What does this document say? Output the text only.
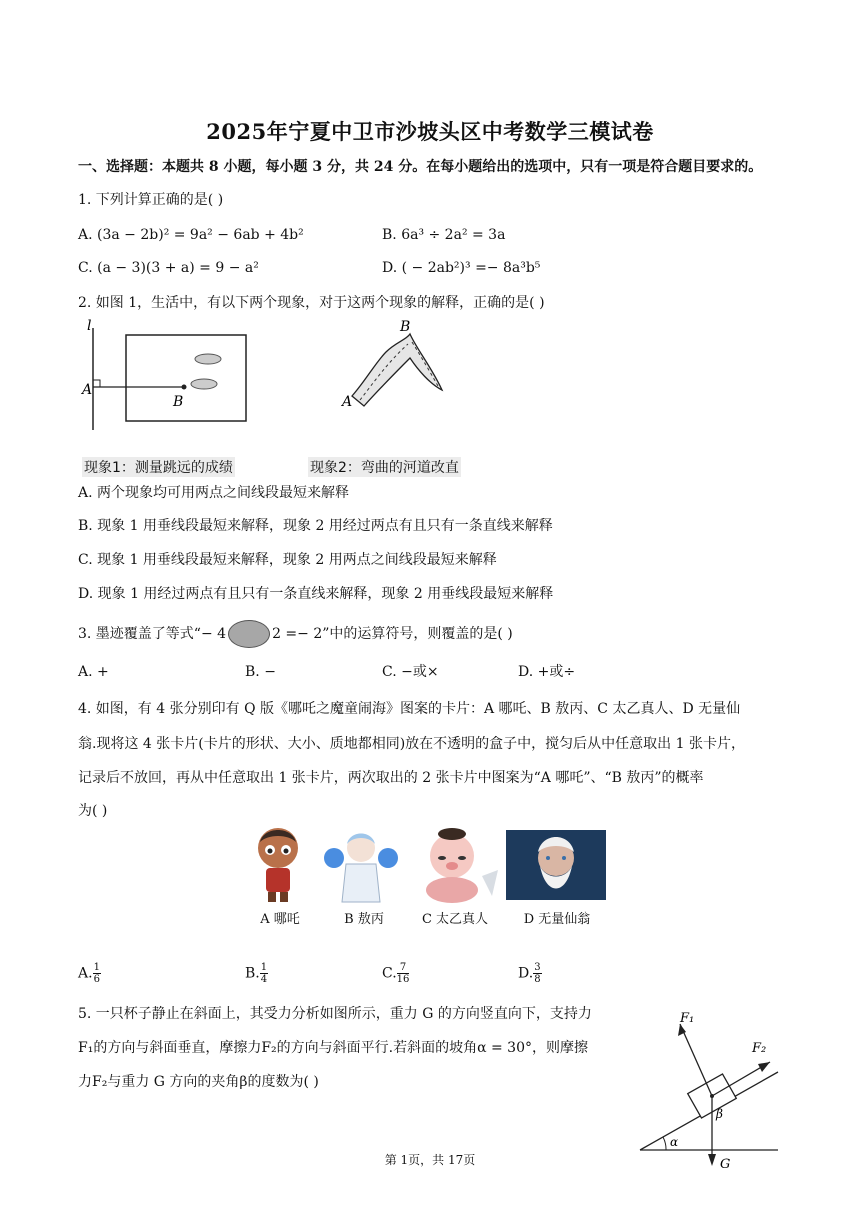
2025年宁夏中卫市沙坡头区中考数学三模试卷
一、选择题：本题共 8 小题，每小题 3 分，共 24 分。在每小题给出的选项中，只有一项是符合题目要求的。
1. 下列计算正确的是( )
A. (3a − 2b)² = 9a² − 6ab + 4b²	B. 6a³ ÷ 2a² = 3a
C. (a − 3)(3 + a) = 9 − a²	D. ( − 2ab²)³ =− 8a³b⁵
2. 如图 1，生活中，有以下两个现象，对于这两个现象的解释，正确的是( )
A
B
l
A
B
现象1：测量跳远的成绩	现象2：弯曲的河道改直
A. 两个现象均可用两点之间线段最短来解释
B. 现象 1 用垂线段最短来解释，现象 2 用经过两点有且只有一条直线来解释
C. 现象 1 用垂线段最短来解释，现象 2 用两点之间线段最短来解释
D. 现象 1 用经过两点有且只有一条直线来解释，现象 2 用垂线段最短来解释
3. 墨迹覆盖了等式“− 4	2 =− 2”中的运算符号，则覆盖的是( )
A. +	B. −	C. −或×	D. +或÷
4. 如图，有 4 张分别印有 Q 版《哪吒之魔童闹海》图案的卡片：A 哪吒、B 敖丙、C 太乙真人、D 无量仙
翁.现将这 4 张卡片(卡片的形状、大小、质地都相同)放在不透明的盒子中，搅匀后从中任意取出 1 张卡片，
记录后不放回，再从中任意取出 1 张卡片，两次取出的 2 张卡片中图案为“A 哪吒”、“B 敖丙”的概率
为( )
A 哪吒	B 敖丙	C 太乙真人	D 无量仙翁
A. $\frac{1}{6}$	B. $\frac{1}{4}$	C. $\frac{7}{16}$	D. $\frac{3}{8}$
5. 一只杯子静止在斜面上，其受力分析如图所示，重力 G 的方向竖直向下，支持力
F₁的方向与斜面垂直，摩擦力F₂的方向与斜面平行.若斜面的坡角α = 30°，则摩擦
力F₂与重力 G 方向的夹角β的度数为( )
F₁
F₂
G
α
β
第 1页，共 17页
